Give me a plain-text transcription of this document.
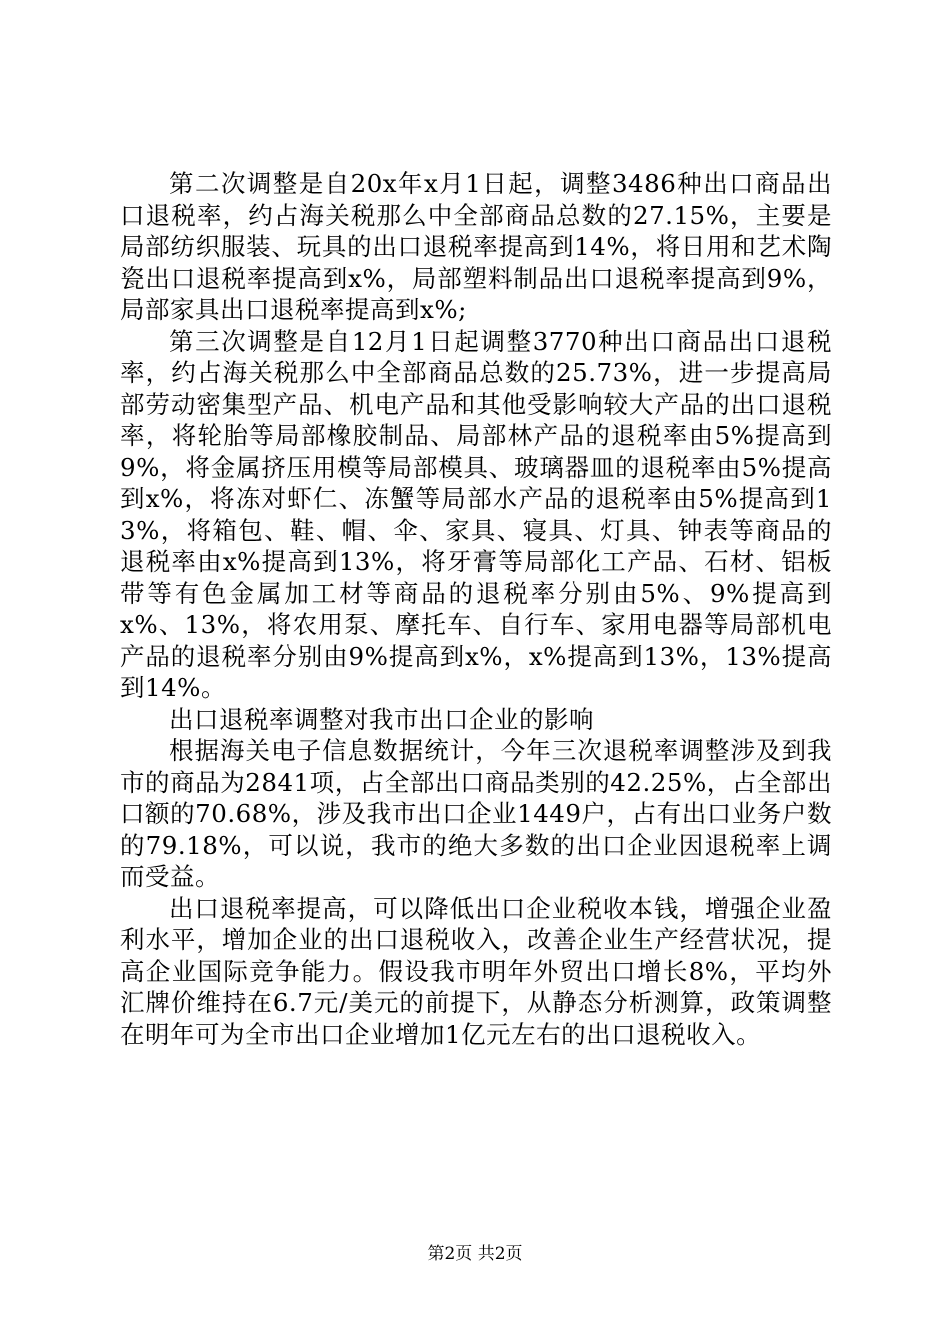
第二次调整是自20x年x月1日起，调整3486种出口商品出口退税率，约占海关税那么中全部商品总数的27.15%，主要是局部纺织服装、玩具的出口退税率提高到14%，将日用和艺术陶瓷出口退税率提高到x%，局部塑料制品出口退税率提高到9%，局部家具出口退税率提高到x%;

第三次调整是自12月1日起调整3770种出口商品出口退税率，约占海关税那么中全部商品总数的25.73%，进一步提高局部劳动密集型产品、机电产品和其他受影响较大产品的出口退税率，将轮胎等局部橡胶制品、局部林产品的退税率由5%提高到9%，将金属挤压用模等局部模具、玻璃器皿的退税率由5%提高到x%，将冻对虾仁、冻蟹等局部水产品的退税率由5%提高到13%，将箱包、鞋、帽、伞、家具、寝具、灯具、钟表等商品的退税率由x%提高到13%，将牙膏等局部化工产品、石材、铝板带等有色金属加工材等商品的退税率分别由5%、9%提高到x%、13%，将农用泵、摩托车、自行车、家用电器等局部机电产品的退税率分别由9%提高到x%，x%提高到13%，13%提高到14%。

出口退税率调整对我市出口企业的影响

根据海关电子信息数据统计，今年三次退税率调整涉及到我市的商品为2841项，占全部出口商品类别的42.25%，占全部出口额的70.68%，涉及我市出口企业1449户，占有出口业务户数的79.18%，可以说，我市的绝大多数的出口企业因退税率上调而受益。

出口退税率提高，可以降低出口企业税收本钱，增强企业盈利水平，增加企业的出口退税收入，改善企业生产经营状况，提高企业国际竞争能力。假设我市明年外贸出口增长8%，平均外汇牌价维持在6.7元/美元的前提下，从静态分析测算，政策调整在明年可为全市出口企业增加1亿元左右的出口退税收入。

第2页 共2页
